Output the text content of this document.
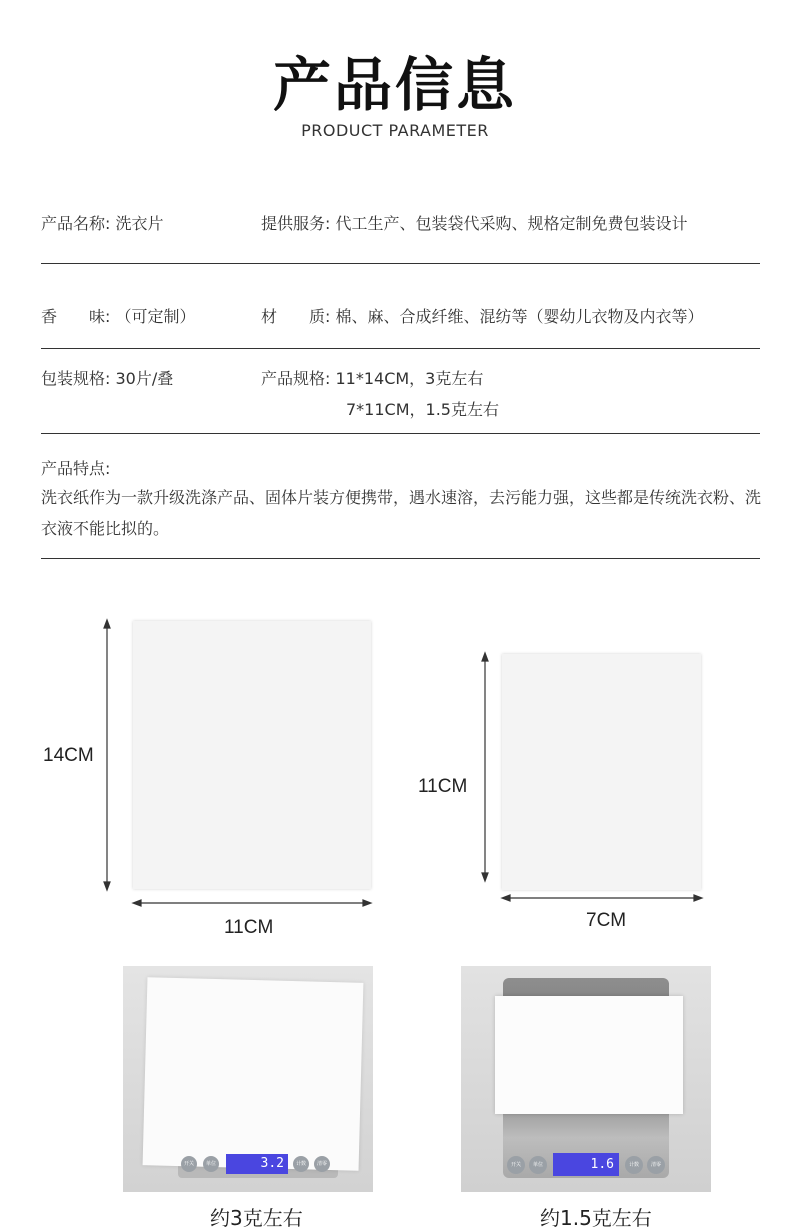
产品信息
PRODUCT PARAMETER
产品名称: 洗衣片	提供服务: 代工生产、包装袋代采购、规格定制免费包装设计
香　　味: （可定制）	材　　质: 棉、麻、合成纤维、混纺等（婴幼儿衣物及内衣等）
包装规格: 30片/叠	产品规格: 11*14CM，3克左右
7*11CM，1.5克左右
产品特点:
洗衣纸作为一款升级洗涤产品、固体片装方便携带，遇水速溶，去污能力强，这些都是传统洗衣粉、洗衣液不能比拟的。
14CM
11CM
11CM
7CM
开关	单位	3.2	计数	清零	开关	单位	1.6	计数	清零
约3克左右	约1.5克左右
